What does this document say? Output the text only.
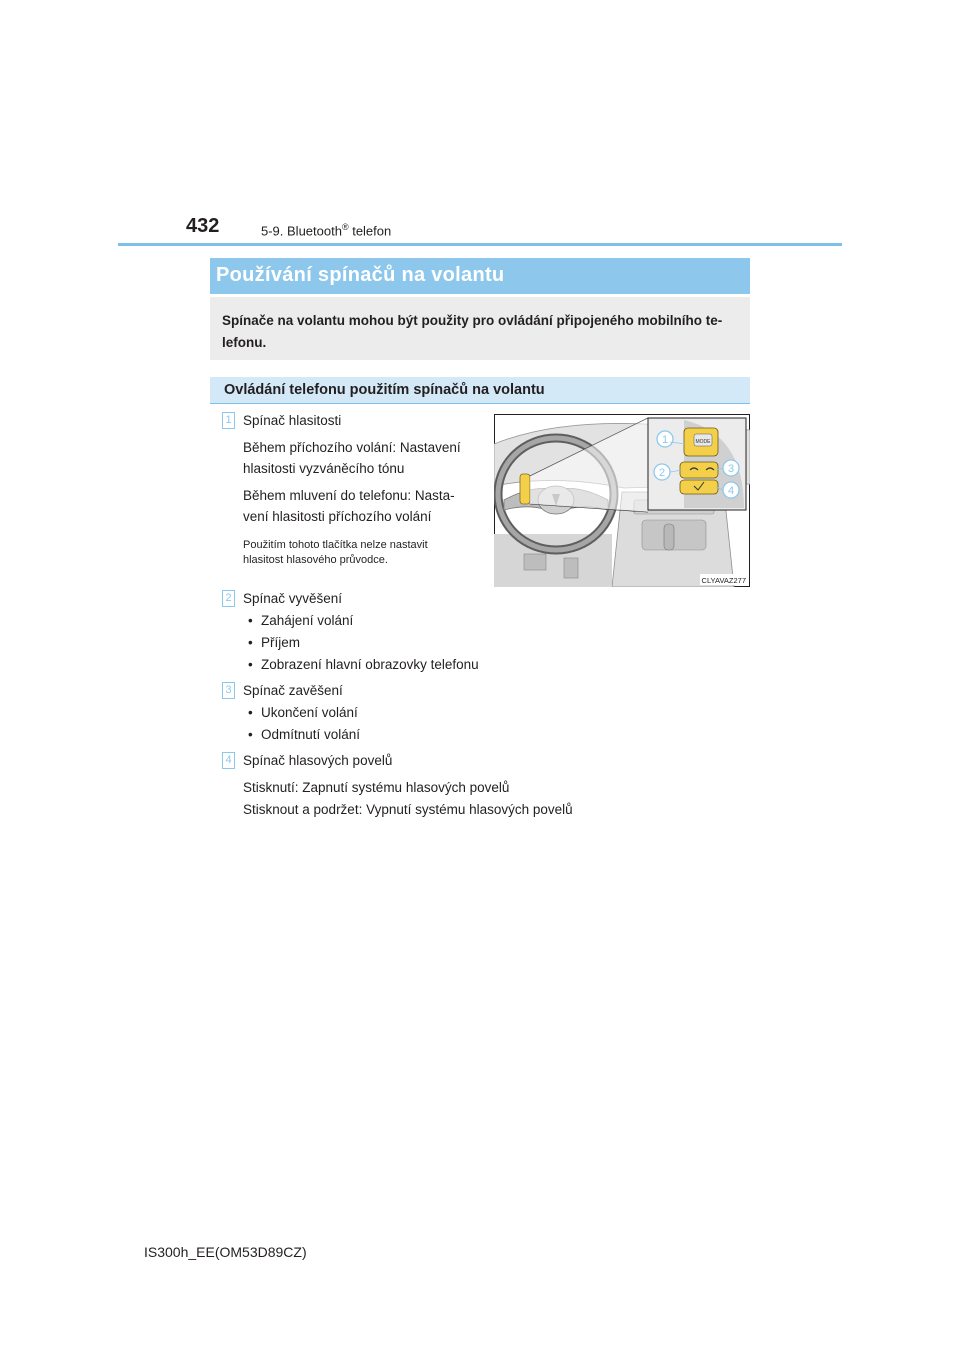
432	5-9. Bluetooth® telefon
Používání spínačů na volantu
Spínače na volantu mohou být použity pro ovládání připojeného mobilního te-lefonu.
Ovládání telefonu použitím spínačů na volantu
1 Spínač hlasitosti
Během příchozího volání: Nastavení
hlasitosti vyzváněcího tónu
Během mluvení do telefonu: Nasta-
vení hlasitosti příchozího volání
Použitím tohoto tlačítka nelze nastavit
hlasitost hlasového průvodce.
MODE
1
2	3
4
CLYAVAZ277
2 Spínač vyvěšení
• Zahájení volání
• Příjem
• Zobrazení hlavní obrazovky telefonu
3 Spínač zavěšení
• Ukončení volání
• Odmítnutí volání
4 Spínač hlasových povelů
Stisknutí: Zapnutí systému hlasových povelů
Stisknout a podržet: Vypnutí systému hlasových povelů
IS300h_EE(OM53D89CZ)
